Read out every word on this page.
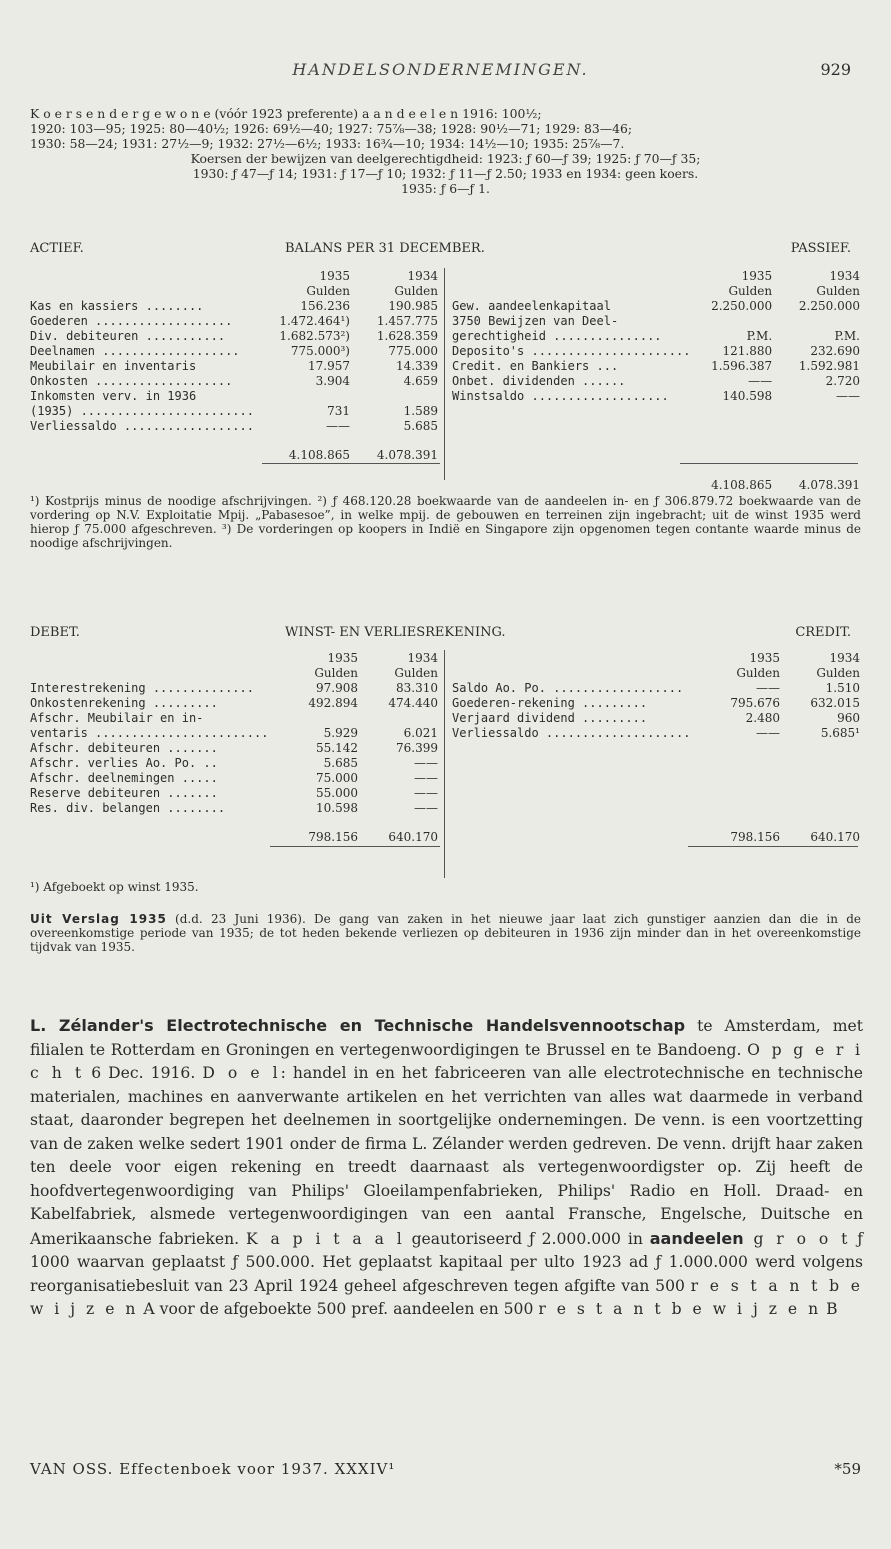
HANDELSONDERNEMINGEN.	929
K o e r s e n d e r g e w o n e (vóór 1923 preferente) a a n d e e l e n 1916: 100½;
1920: 103—95; 1925: 80—40½; 1926: 69½—40; 1927: 75⅞—38; 1928: 90½—71; 1929: 83—46;
1930: 58—24; 1931: 27½—9; 1932: 27½—6½; 1933: 16¾—10; 1934: 14½—10; 1935: 25⅞—7.
Koersen der bewijzen van deelgerechtigdheid: 1923: ƒ 60—ƒ 39; 1925: ƒ 70—ƒ 35;
1930: ƒ 47—ƒ 14; 1931: ƒ 17—ƒ 10; 1932: ƒ 11—ƒ 2.50; 1933 en 1934: geen koers.
1935: ƒ 6—ƒ 1.
ACTIEF.	BALANS PER 31 DECEMBER.	PASSIEF.
	1935	1934
	Gulden	Gulden
Kas en kassiers ........	156.236	190.985
Goederen ...................	1.472.464¹)	1.457.775
Div. debiteuren ...........	1.682.573²)	1.628.359
Deelnamen ...................	775.000³)	775.000
Meubilair en inventaris	17.957	14.339
Onkosten ...................	3.904	4.659
Inkomsten verv. in 1936		
(1935) ........................	731	1.589
Verliessaldo ..................	——	5.685

	4.108.865	4.078.391
	1935	1934
	Gulden	Gulden
Gew. aandeelenkapitaal	2.250.000	2.250.000
3750 Bewijzen van Deel-		
gerechtigheid ...............	P.M.	P.M.
Deposito's ......................	121.880	232.690
Credit. en Bankiers ...	1.596.387	1.592.981
Onbet. dividenden ......	——	2.720
Winstsaldo ...................	140.598	——

	4.108.865	4.078.391
¹) Kostprijs minus de noodige afschrijvingen. ²) ƒ 468.120.28 boekwaarde van de aandeelen in- en ƒ 306.879.72 boekwaarde van de vordering op N.V. Exploitatie Mpij. „Pabasesoe”, in welke mpij. de gebouwen en terreinen zijn ingebracht; uit de winst 1935 werd hierop ƒ 75.000 afgeschreven. ³) De vorderingen op koopers in Indië en Singapore zijn opgenomen tegen contante waarde minus de noodige afschrijvingen.
DEBET.	WINST- EN VERLIESREKENING.	CREDIT.
	1935	1934
	Gulden	Gulden
Interestrekening ..............	97.908	83.310
Onkostenrekening .........	492.894	474.440
Afschr. Meubilair en in-		
ventaris ........................	5.929	6.021
Afschr. debiteuren .......	55.142	76.399
Afschr. verlies Ao. Po. ..	5.685	——
Afschr. deelnemingen .....	75.000	——
Reserve debiteuren .......	55.000	——
Res. div. belangen ........	10.598	——

	798.156	640.170
	1935	1934
	Gulden	Gulden
Saldo Ao. Po. ..................	——	1.510
Goederen-rekening .........	795.676	632.015
Verjaard dividend .........	2.480	960
Verliessaldo ....................	——	5.685¹

	798.156	640.170
¹) Afgeboekt op winst 1935.
Uit Verslag 1935 (d.d. 23 Juni 1936). De gang van zaken in het nieuwe jaar laat zich gunstiger aanzien dan die in de overeenkomstige periode van 1935; de tot heden bekende verliezen op debiteuren in 1936 zijn minder dan in het overeenkomstige tijdvak van 1935.
L. Zélander's Electrotechnische en Technische Handelsvennootschap te Amsterdam, met filialen te Rotterdam en Groningen en vertegenwoordigingen te Brussel en te Bandoeng. O p g e r i c h t 6 Dec. 1916. D o e l: handel in en het fabriceeren van alle electrotechnische en technische materialen, machines en aanverwante artikelen en het verrichten van alles wat daarmede in verband staat, daaronder begrepen het deelnemen in soortgelijke ondernemingen. De venn. is een voortzetting van de zaken welke sedert 1901 onder de firma L. Zélander werden gedreven. De venn. drijft haar zaken ten deele voor eigen rekening en treedt daarnaast als vertegenwoordigster op. Zij heeft de hoofdvertegenwoordiging van Philips' Gloeilampenfabrieken, Philips' Radio en Holl. Draad- en Kabelfabriek, alsmede vertegenwoordigingen van een aantal Fransche, Engelsche, Duitsche en Amerikaansche fabrieken. K a p i t a a l geautoriseerd ƒ 2.000.000 in aandeelen g r o o t ƒ 1000 waarvan geplaatst ƒ 500.000. Het geplaatst kapitaal per ulto 1923 ad ƒ 1.000.000 werd volgens reorganisatiebesluit van 23 April 1924 geheel afgeschreven tegen afgifte van 500 r e s t a n t b e w i j z e n A voor de afgeboekte 500 pref. aandeelen en 500 r e s t a n t b e w i j z e n B
VAN OSS. Effectenboek voor 1937. XXXIV¹	*59
